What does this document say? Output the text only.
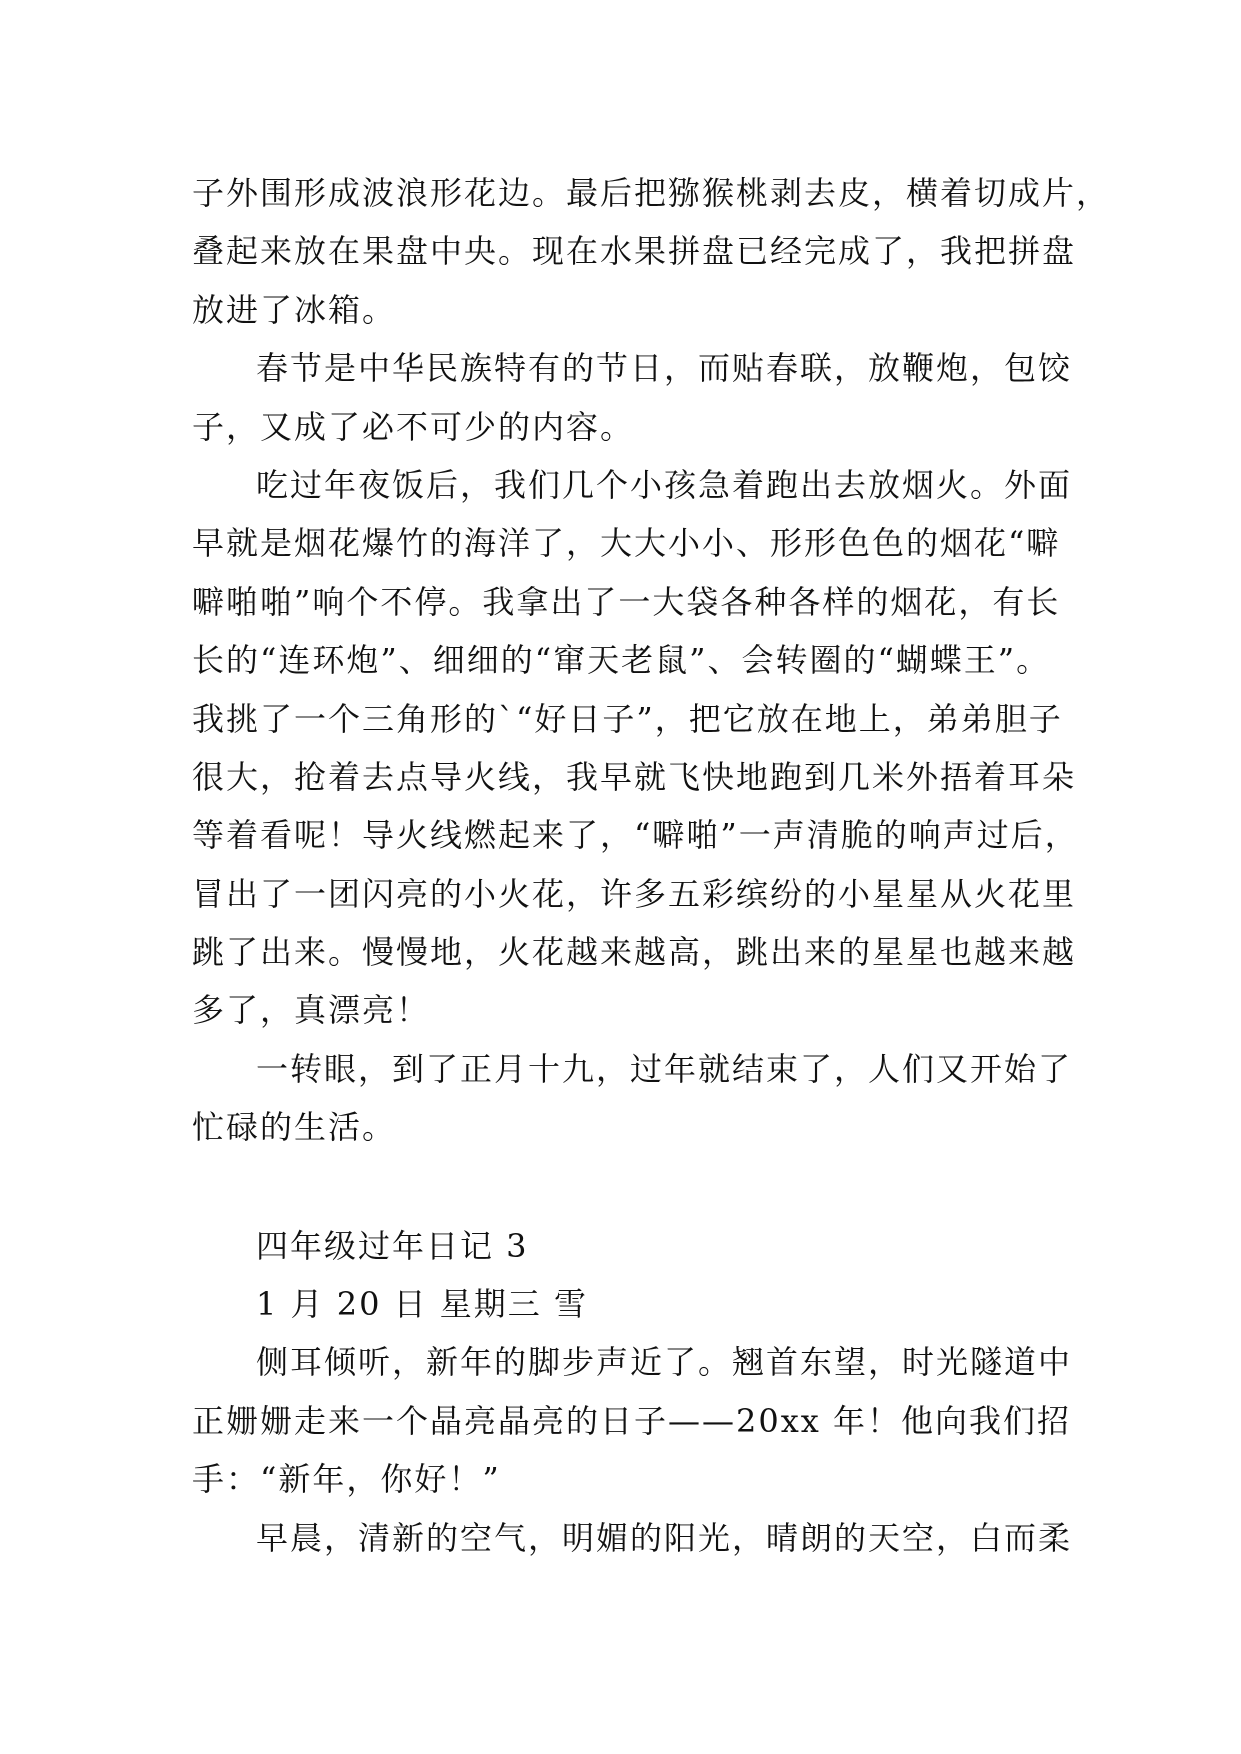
子外围形成波浪形花边。最后把猕猴桃剥去皮，横着切成片，
叠起来放在果盘中央。现在水果拼盘已经完成了，我把拼盘
放进了冰箱。

春节是中华民族特有的节日，而贴春联，放鞭炮，包饺
子，又成了必不可少的内容。

吃过年夜饭后，我们几个小孩急着跑出去放烟火。外面
早就是烟花爆竹的海洋了，大大小小、形形色色的烟花“噼
噼啪啪”响个不停。我拿出了一大袋各种各样的烟花，有长
长的“连环炮”、细细的“窜天老鼠”、会转圈的“蝴蝶王”。
我挑了一个三角形的`“好日子”，把它放在地上，弟弟胆子
很大，抢着去点导火线，我早就飞快地跑到几米外捂着耳朵
等着看呢！导火线燃起来了，“噼啪”一声清脆的响声过后，
冒出了一团闪亮的小火花，许多五彩缤纷的小星星从火花里
跳了出来。慢慢地，火花越来越高，跳出来的星星也越来越
多了，真漂亮！

一转眼，到了正月十九，过年就结束了，人们又开始了
忙碌的生活。

四年级过年日记 3

1 月 20 日 星期三 雪

侧耳倾听，新年的脚步声近了。翘首东望，时光隧道中
正姗姗走来一个晶亮晶亮的日子——20xx 年！他向我们招
手：“新年，你好！”

早晨，清新的空气，明媚的阳光，晴朗的天空，白而柔
